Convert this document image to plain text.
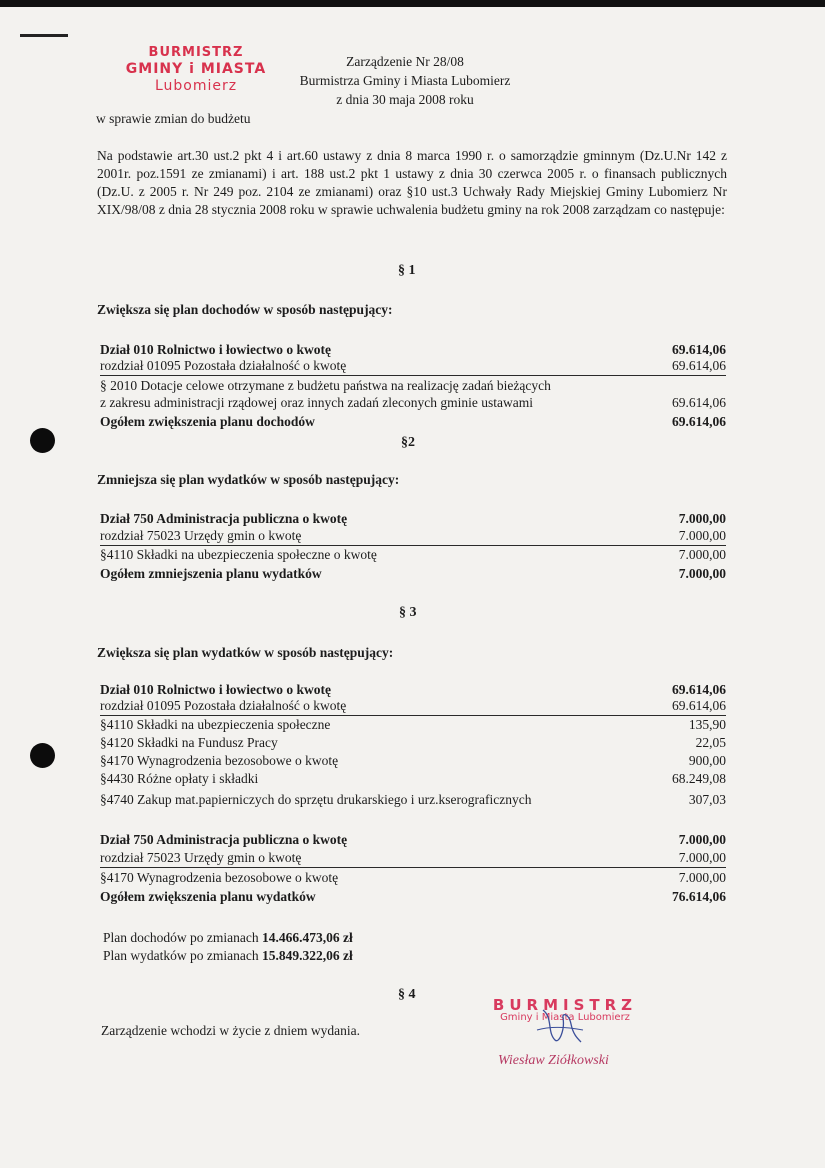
BURMISTRZ
GMINY i MIASTA
Lubomierz
Zarządzenie Nr 28/08
Burmistrza Gminy i Miasta Lubomierz
z dnia 30 maja 2008 roku
w sprawie zmian do budżetu
Na podstawie art.30 ust.2 pkt 4 i art.60 ustawy z dnia 8 marca 1990 r. o samorządzie gminnym (Dz.U.Nr 142 z 2001r. poz.1591 ze zmianami) i art. 188 ust.2 pkt 1 ustawy z dnia 30 czerwca 2005 r. o finansach publicznych (Dz.U. z 2005 r. Nr 249 poz. 2104 ze zmianami) oraz §10 ust.3 Uchwały Rady Miejskiej Gminy Lubomierz Nr XIX/98/08 z dnia 28 stycznia 2008 roku w sprawie uchwalenia budżetu gminy na rok 2008 zarządzam co następuje:
§ 1
Zwiększa się plan dochodów w sposób następujący:
Dział 010 Rolnictwo i łowiectwo o kwotę	69.614,06
rozdział 01095 Pozostała działalność o kwotę	69.614,06
§ 2010 Dotacje celowe otrzymane z budżetu państwa na realizację zadań bieżących
z zakresu administracji rządowej oraz innych zadań zleconych gminie ustawami	69.614,06
Ogółem zwiększenia planu dochodów	69.614,06
§2
Zmniejsza się plan wydatków w sposób następujący:
Dział 750 Administracja publiczna o kwotę	7.000,00
rozdział 75023 Urzędy gmin o kwotę	7.000,00
§4110 Składki na ubezpieczenia społeczne o kwotę	7.000,00
Ogółem zmniejszenia planu wydatków	7.000,00
§ 3
Zwiększa się plan wydatków w sposób następujący:
Dział 010 Rolnictwo i łowiectwo o kwotę	69.614,06
rozdział 01095 Pozostała działalność o kwotę	69.614,06
§4110 Składki na ubezpieczenia społeczne	135,90
§4120 Składki na Fundusz Pracy	22,05
§4170 Wynagrodzenia bezosobowe o kwotę	900,00
§4430 Różne opłaty i składki	68.249,08
§4740 Zakup mat.papierniczych do sprzętu drukarskiego i urz.kserograficznych	307,03
Dział 750 Administracja publiczna o kwotę	7.000,00
rozdział 75023 Urzędy gmin o kwotę	7.000,00
§4170 Wynagrodzenia bezosobowe o kwotę	7.000,00
Ogółem zwiększenia planu wydatków	76.614,06
Plan dochodów po zmianach 14.466.473,06 zł
Plan wydatków po zmianach 15.849.322,06 zł
§ 4
Zarządzenie wchodzi w życie z dniem wydania.
BURMISTRZ
Gminy i Miasta Lubomierz
Wiesław Ziółkowski
